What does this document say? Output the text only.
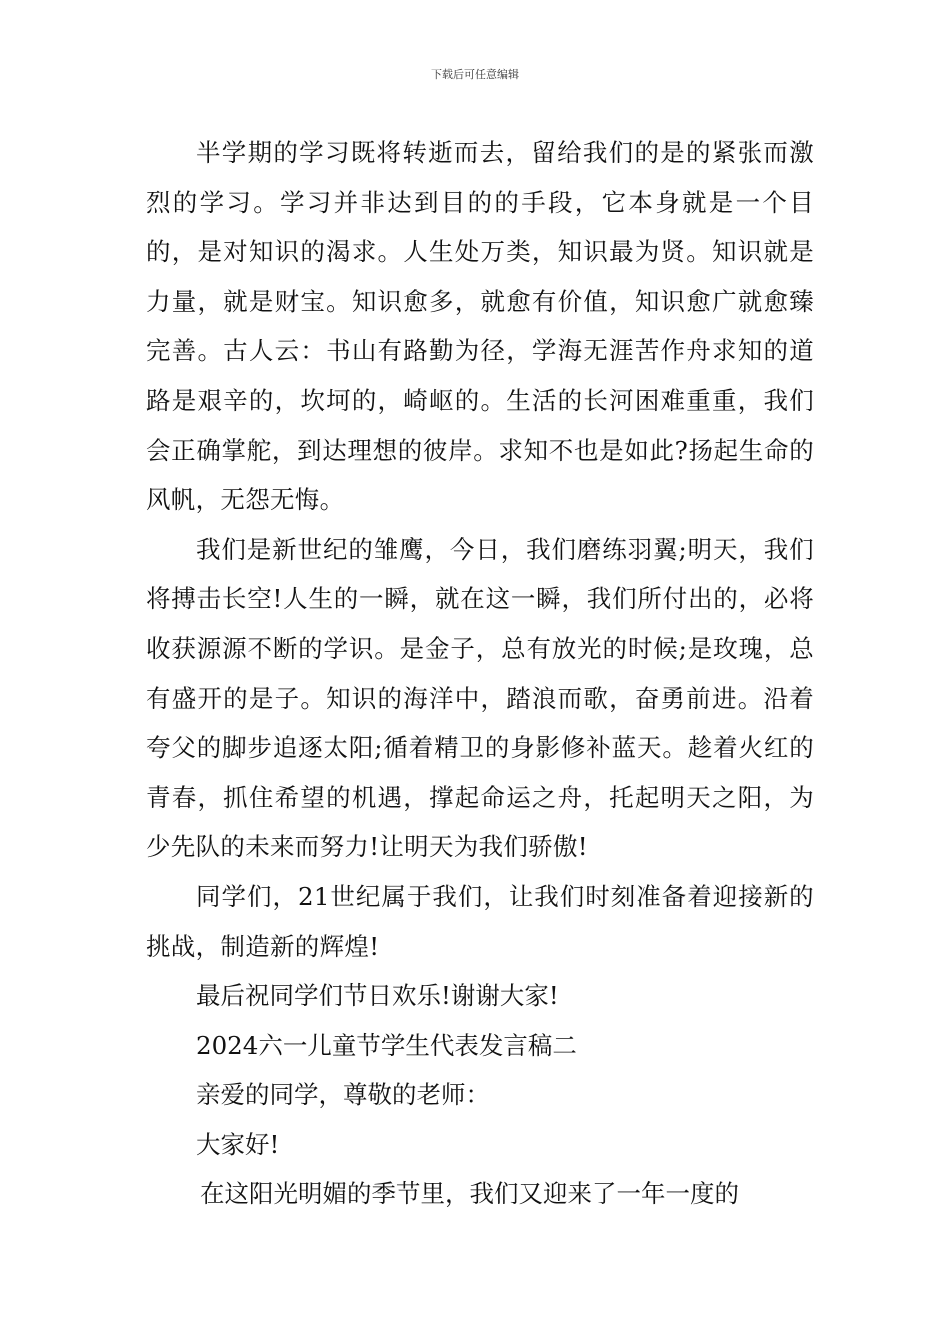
下载后可任意编辑

半学期的学习既将转逝而去，留给我们的是的紧张而激烈的学习。学习并非达到目的的手段，它本身就是一个目的，是对知识的渴求。人生处万类，知识最为贤。知识就是力量，就是财宝。知识愈多，就愈有价值，知识愈广就愈臻完善。古人云：书山有路勤为径，学海无涯苦作舟求知的道路是艰辛的，坎坷的，崎岖的。生活的长河困难重重，我们会正确掌舵，到达理想的彼岸。求知不也是如此?扬起生命的风帆，无怨无悔。

我们是新世纪的雏鹰，今日，我们磨练羽翼;明天，我们将搏击长空!人生的一瞬，就在这一瞬，我们所付出的，必将收获源源不断的学识。是金子，总有放光的时候;是玫瑰，总有盛开的是子。知识的海洋中，踏浪而歌，奋勇前进。沿着夸父的脚步追逐太阳;循着精卫的身影修补蓝天。趁着火红的青春，抓住希望的机遇，撑起命运之舟，托起明天之阳，为少先队的未来而努力!让明天为我们骄傲!

同学们，21世纪属于我们，让我们时刻准备着迎接新的挑战，制造新的辉煌!

最后祝同学们节日欢乐!谢谢大家!

2024六一儿童节学生代表发言稿二

亲爱的同学，尊敬的老师：

大家好!

在这阳光明媚的季节里，我们又迎来了一年一度的
